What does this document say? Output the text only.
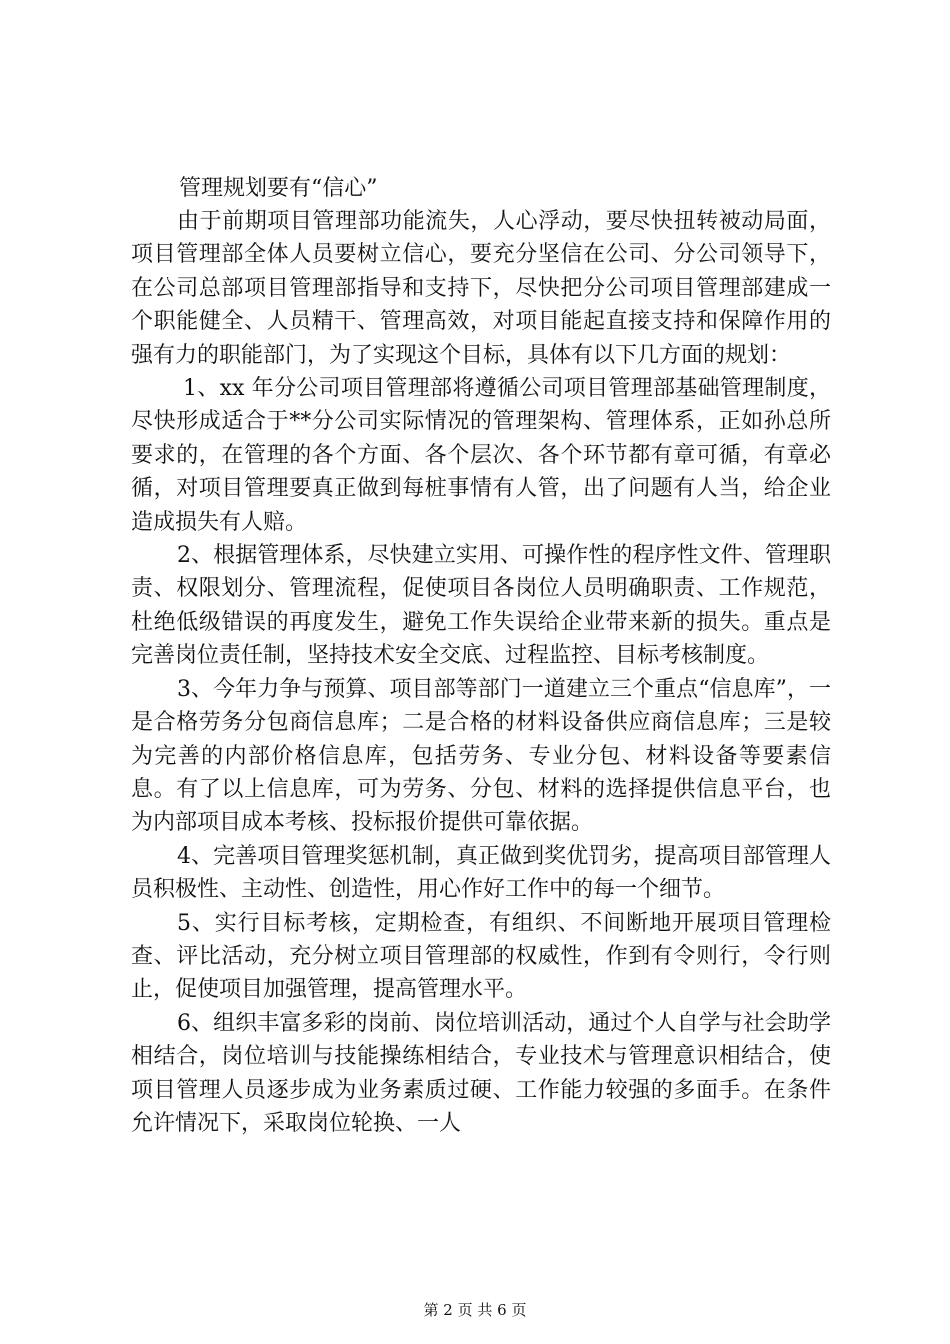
管理规划要有“信心”

由于前期项目管理部功能流失，人心浮动，要尽快扭转被动局面，项目管理部全体人员要树立信心，要充分坚信在公司、分公司领导下，在公司总部项目管理部指导和支持下，尽快把分公司项目管理部建成一个职能健全、人员精干、管理高效，对项目能起直接支持和保障作用的强有力的职能部门，为了实现这个目标，具体有以下几方面的规划：

1、xx 年分公司项目管理部将遵循公司项目管理部基础管理制度，尽快形成适合于**分公司实际情况的管理架构、管理体系，正如孙总所要求的，在管理的各个方面、各个层次、各个环节都有章可循，有章必循，对项目管理要真正做到每桩事情有人管，出了问题有人当，给企业造成损失有人赔。

2、根据管理体系，尽快建立实用、可操作性的程序性文件、管理职责、权限划分、管理流程，促使项目各岗位人员明确职责、工作规范，杜绝低级错误的再度发生，避免工作失误给企业带来新的损失。重点是完善岗位责任制，坚持技术安全交底、过程监控、目标考核制度。

3、今年力争与预算、项目部等部门一道建立三个重点“信息库”，一是合格劳务分包商信息库；二是合格的材料设备供应商信息库；三是较为完善的内部价格信息库，包括劳务、专业分包、材料设备等要素信息。有了以上信息库，可为劳务、分包、材料的选择提供信息平台，也为内部项目成本考核、投标报价提供可靠依据。

4、完善项目管理奖惩机制，真正做到奖优罚劣，提高项目部管理人员积极性、主动性、创造性，用心作好工作中的每一个细节。

5、实行目标考核，定期检查，有组织、不间断地开展项目管理检查、评比活动，充分树立项目管理部的权威性，作到有令则行，令行则止，促使项目加强管理，提高管理水平。

6、组织丰富多彩的岗前、岗位培训活动，通过个人自学与社会助学相结合，岗位培训与技能操练相结合，专业技术与管理意识相结合，使项目管理人员逐步成为业务素质过硬、工作能力较强的多面手。在条件允许情况下，采取岗位轮换、一人

第 2 页 共 6 页
